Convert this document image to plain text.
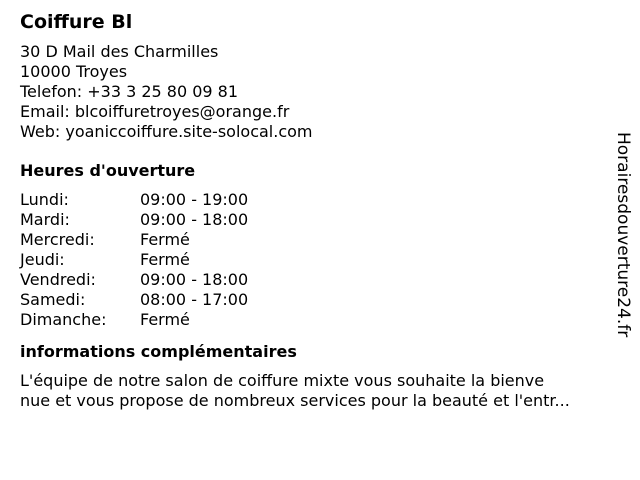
Coiffure Bl
30 D Mail des Charmilles
10000 Troyes
Telefon: +33 3 25 80 09 81
Email: blcoiffuretroyes@orange.fr
Web: yoaniccoiffure.site-solocal.com
Heures d'ouverture
Lundi:	09:00 - 19:00
Mardi:	09:00 - 18:00
Mercredi:	Fermé
Jeudi:	Fermé
Vendredi:	09:00 - 18:00
Samedi:	08:00 - 17:00
Dimanche:	Fermé
informations complémentaires
L'équipe de notre salon de coiffure mixte vous souhaite la bienve
nue et vous propose de nombreux services pour la beauté et l'entr...
Horairesdouverture24.fr
